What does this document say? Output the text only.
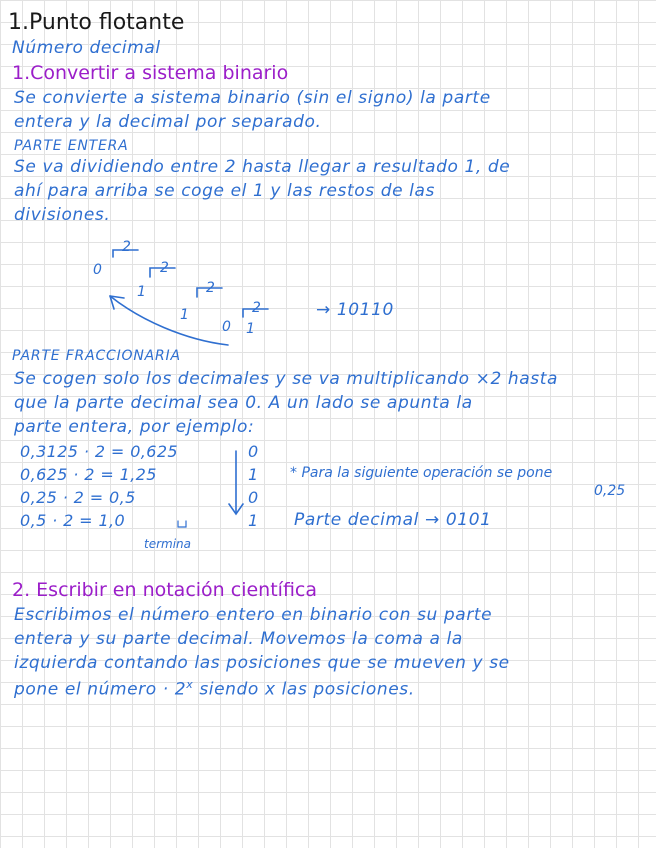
1.Punto flotante
Número decimal
1.Convertir a sistema binario
Se convierte a sistema binario (sin el signo) la parte
entera y la decimal por separado.
PARTE ENTERA
Se va dividiendo entre 2 hasta llegar a resultado 1, de
ahí para arriba se coge el 1 y las restos de las
divisiones.
2
2
2
2
0
1
1
0 1
→ 10110
PARTE FRACCIONARIA
Se cogen solo los decimales y se va multiplicando ×2 hasta
que la parte decimal sea 0. A un lado se apunta la
parte entera, por ejemplo:
0,3125 · 2 = 0,625
0,625 · 2 = 1,25
0,25 · 2 = 0,5
0,5 · 2 = 1,0
0
1
0
1
termina
* Para la siguiente operación se pone
0,25
Parte decimal → 0101
2. Escribir en notación científica
Escribimos el número entero en binario con su parte
entera y su parte decimal. Movemos la coma a la
izquierda contando las posiciones que se mueven y se
pone el número · $2^x$ siendo x las posiciones.
